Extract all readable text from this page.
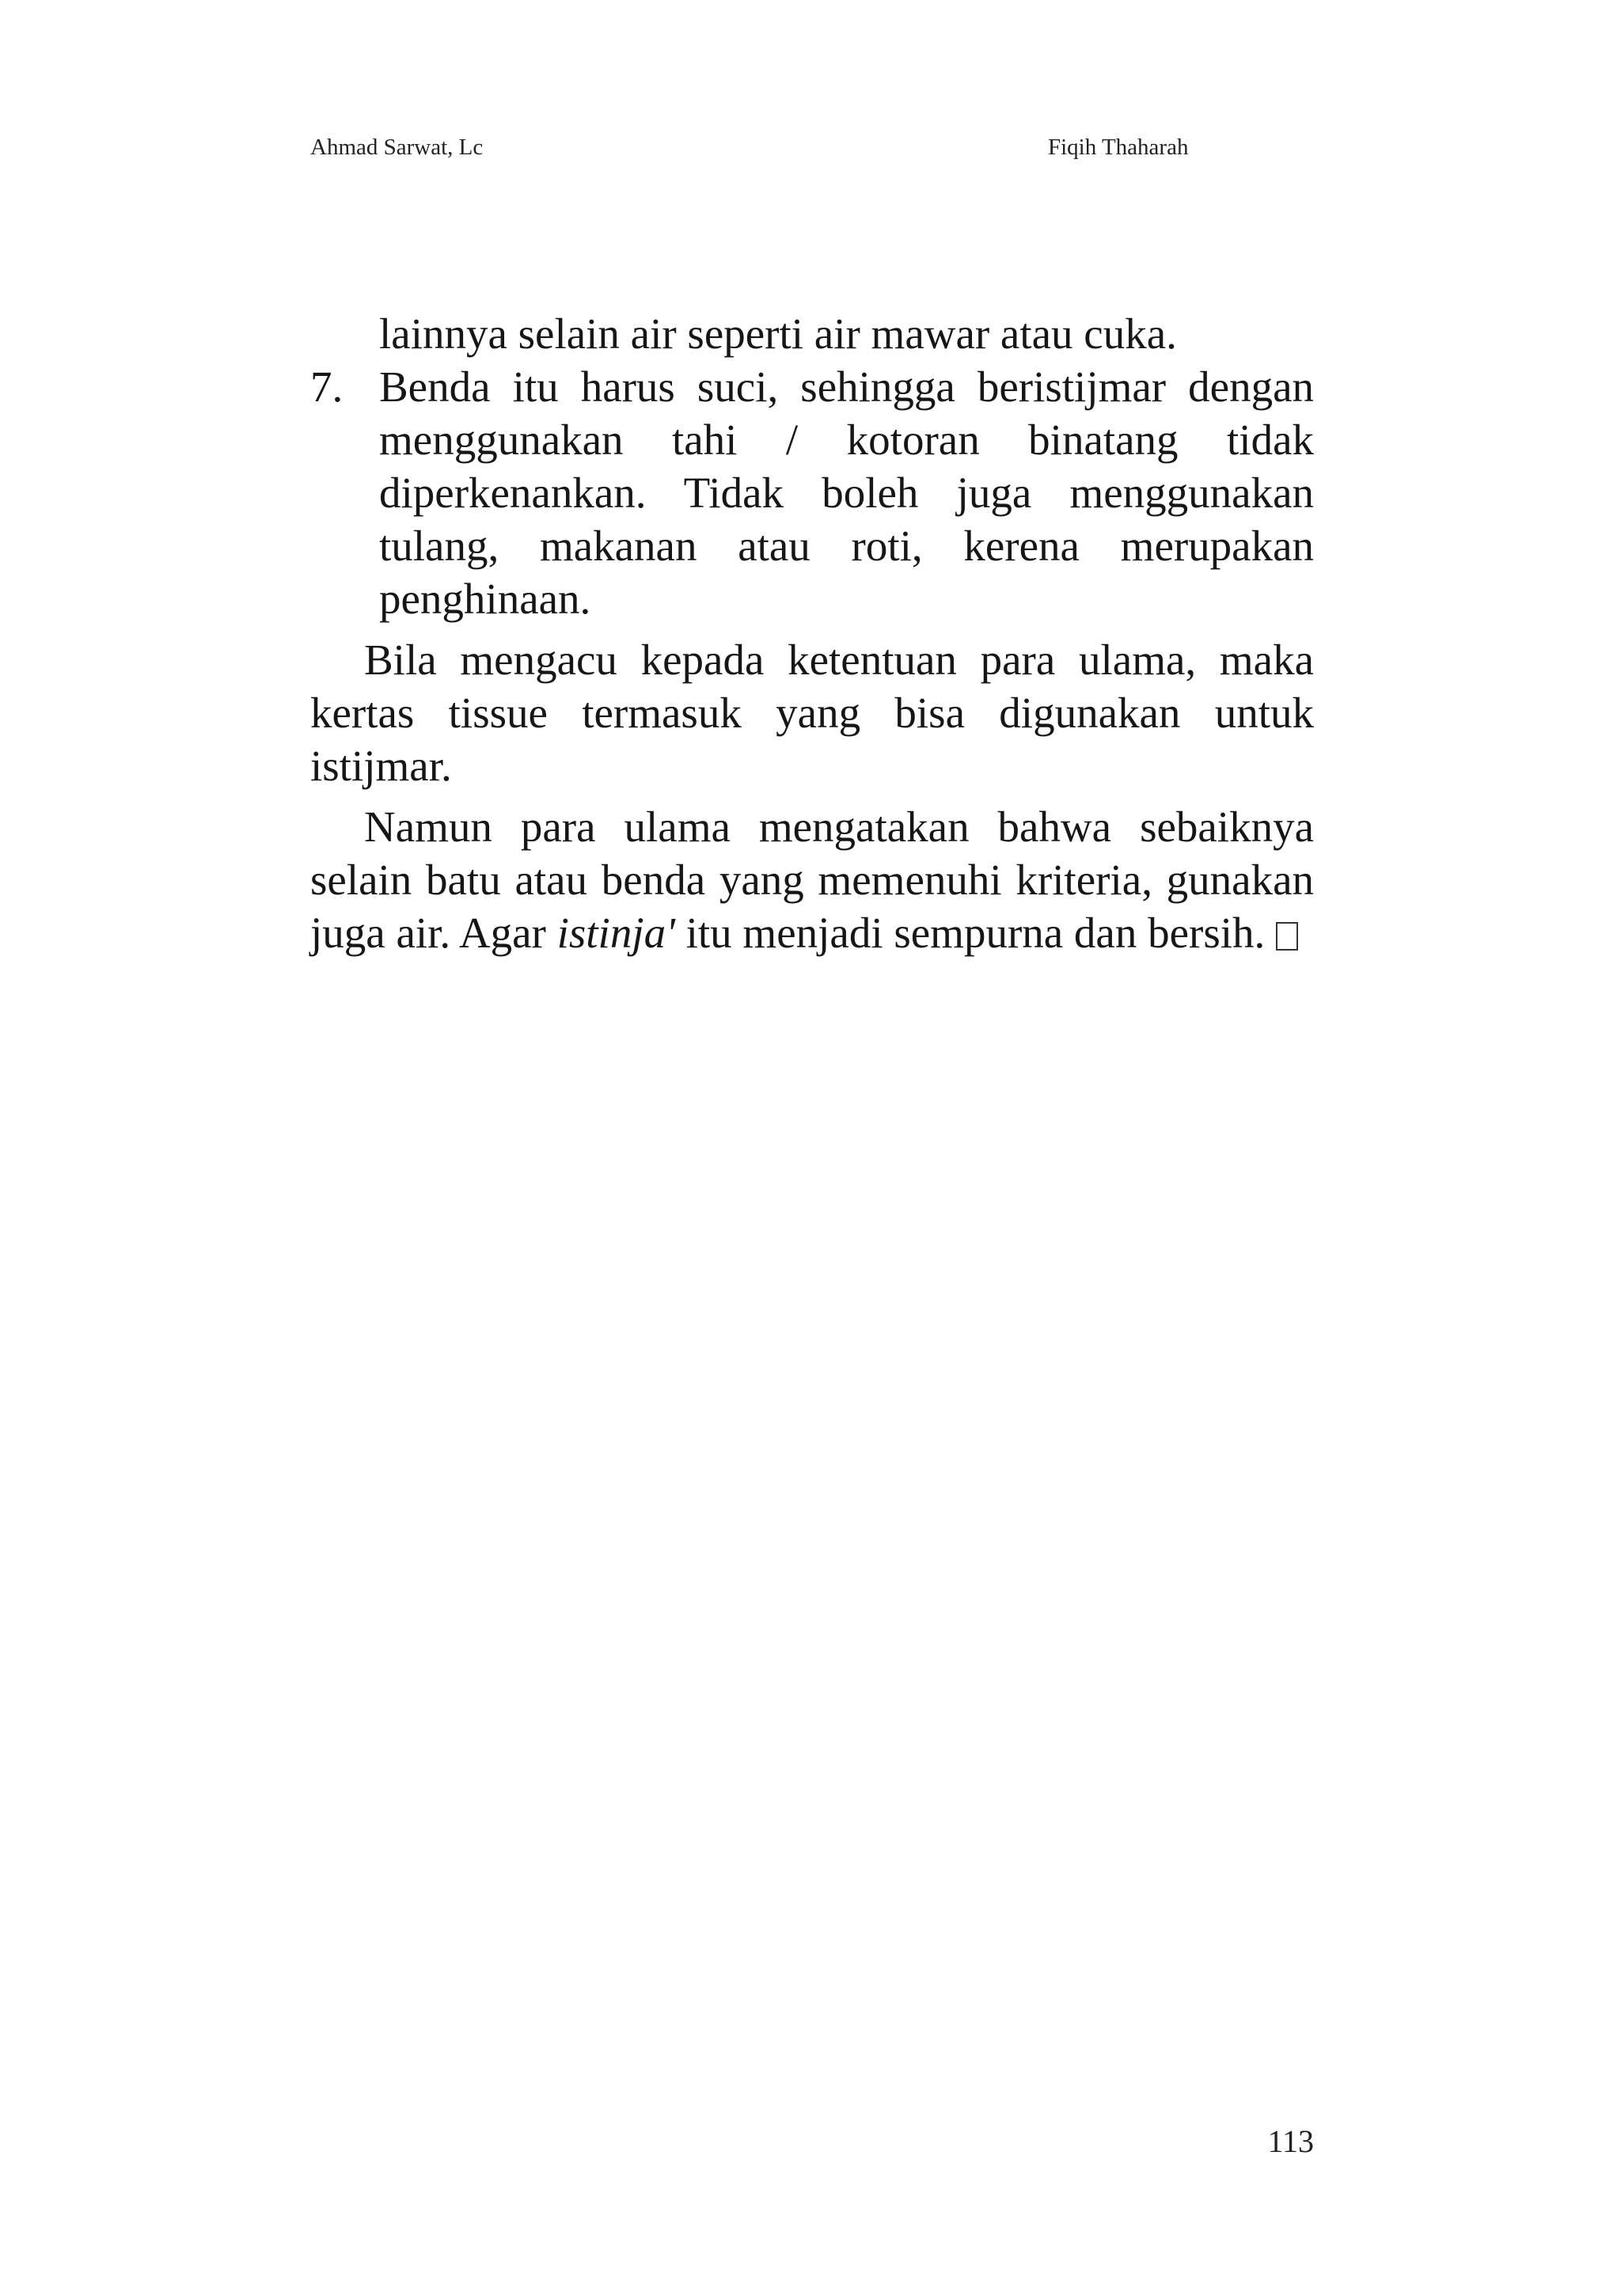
Ahmad Sarwat, Lc	Fiqih Thaharah

lainnya selain air seperti air mawar atau cuka.

7. Benda itu harus suci, sehingga beristijmar dengan menggunakan tahi / kotoran binatang tidak diperkenankan. Tidak boleh juga menggunakan tulang, makanan atau roti, kerena merupakan penghinaan.

Bila mengacu kepada ketentuan para ulama, maka kertas tissue termasuk yang bisa digunakan untuk istijmar.

Namun para ulama mengatakan bahwa sebaiknya selain batu atau benda yang memenuhi kriteria, gunakan juga air. Agar istinja' itu menjadi sempurna dan bersih.

113
